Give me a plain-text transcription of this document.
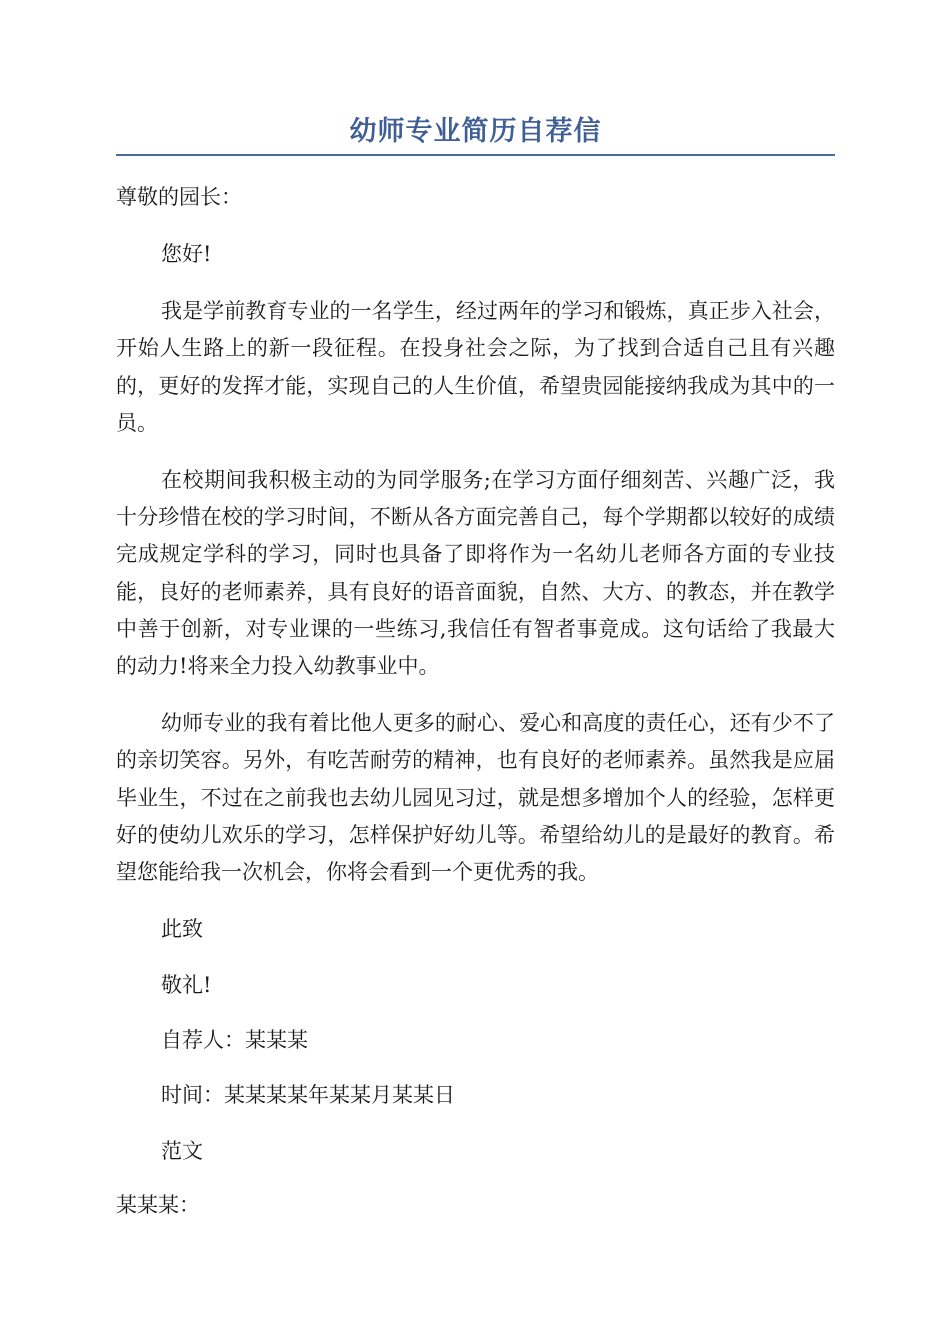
幼师专业简历自荐信

尊敬的园长：

您好!

我是学前教育专业的一名学生，经过两年的学习和锻炼，真正步入社会，开始人生路上的新一段征程。在投身社会之际，为了找到合适自己且有兴趣的，更好的发挥才能，实现自己的人生价值，希望贵园能接纳我成为其中的一员。

在校期间我积极主动的为同学服务;在学习方面仔细刻苦、兴趣广泛，我十分珍惜在校的学习时间，不断从各方面完善自己，每个学期都以较好的成绩完成规定学科的学习，同时也具备了即将作为一名幼儿老师各方面的专业技能，良好的老师素养，具有良好的语音面貌，自然、大方、的教态，并在教学中善于创新，对专业课的一些练习,我信任有智者事竟成。这句话给了我最大的动力!将来全力投入幼教事业中。

幼师专业的我有着比他人更多的耐心、爱心和高度的责任心，还有少不了的亲切笑容。另外，有吃苦耐劳的精神，也有良好的老师素养。虽然我是应届毕业生，不过在之前我也去幼儿园见习过，就是想多增加个人的经验，怎样更好的使幼儿欢乐的学习，怎样保护好幼儿等。希望给幼儿的是最好的教育。希望您能给我一次机会，你将会看到一个更优秀的我。

此致

敬礼!

自荐人：某某某

时间：某某某某年某某月某某日

范文

某某某：
